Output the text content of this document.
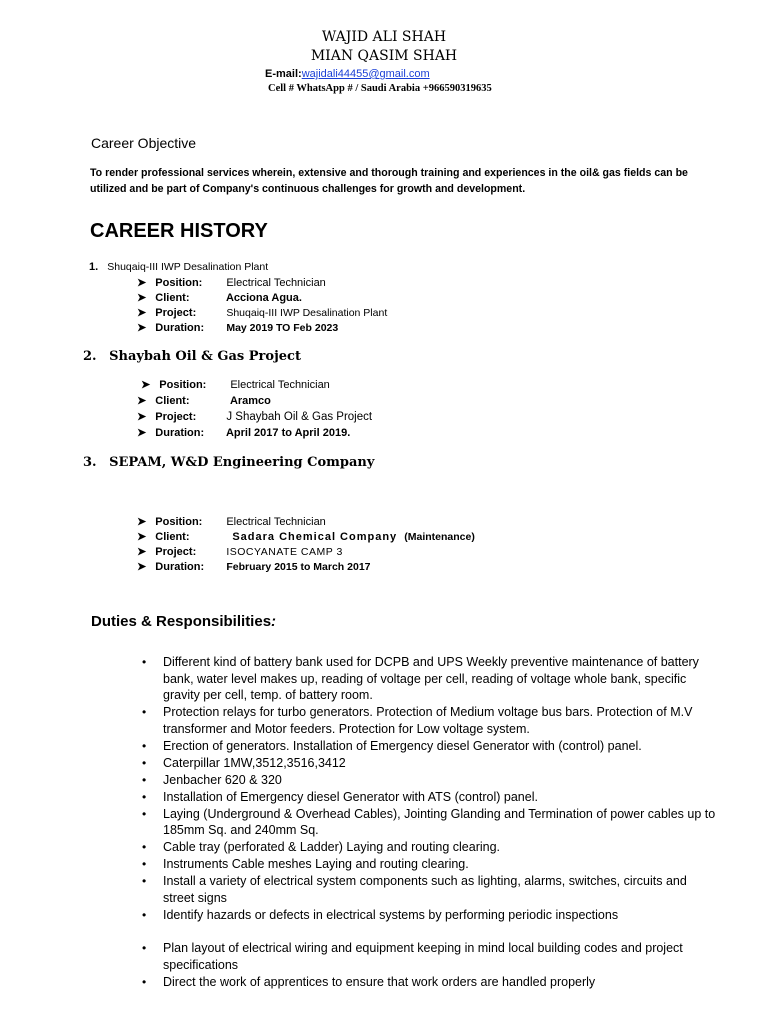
WAJID ALI SHAH
MIAN QASIM SHAH
E-mail:wajidali44455@gmail.com
Cell # WhatsApp # / Saudi Arabia +966590319635
Career Objective
To render professional services wherein, extensive and thorough training and experiences in the oil& gas fields can be
utilized and be part of Company's continuous challenges for growth and development.
CAREER HISTORY
1. Shuqaiq-III IWP Desalination Plant
➤ Position: Electrical Technician
➤ Client:	Acciona Agua.
➤ Project:	Shuqaiq-III IWP Desalination Plant
➤ Duration: May 2019 TO Feb 2023
2. Shaybah Oil & Gas Project
➤ Position: Electrical Technician
➤ Client:	Aramco
➤ Project:	J Shaybah Oil & Gas Project
➤ Duration: April 2017 to April 2019.
3. SEPAM, W&D Engineering Company
➤ Position: Electrical Technician
➤ Client:	Sadara Chemical Company (Maintenance)
➤ Project:	ISOCYANATE CAMP 3
➤ Duration: February 2015 to March 2017
Duties & Responsibilities:
• Different kind of battery bank used for DCPB and UPS Weekly preventive maintenance of battery bank, water level makes up, reading of voltage per cell, reading of voltage whole bank, specific gravity per cell, temp. of battery room.
• Protection relays for turbo generators. Protection of Medium voltage bus bars. Protection of M.V transformer and Motor feeders. Protection for Low voltage system.
• Erection of generators. Installation of Emergency diesel Generator with (control) panel.
• Caterpillar 1MW,3512,3516,3412
• Jenbacher 620 & 320
• Installation of Emergency diesel Generator with ATS (control) panel.
• Laying (Underground & Overhead Cables), Jointing Glanding and Termination of power cables up to 185mm Sq. and 240mm Sq.
• Cable tray (perforated & Ladder) Laying and routing clearing.
• Instruments Cable meshes Laying and routing clearing.
• Install a variety of electrical system components such as lighting, alarms, switches, circuits and street signs
• Identify hazards or defects in electrical systems by performing periodic inspections
• Plan layout of electrical wiring and equipment keeping in mind local building codes and project specifications
• Direct the work of apprentices to ensure that work orders are handled properly
